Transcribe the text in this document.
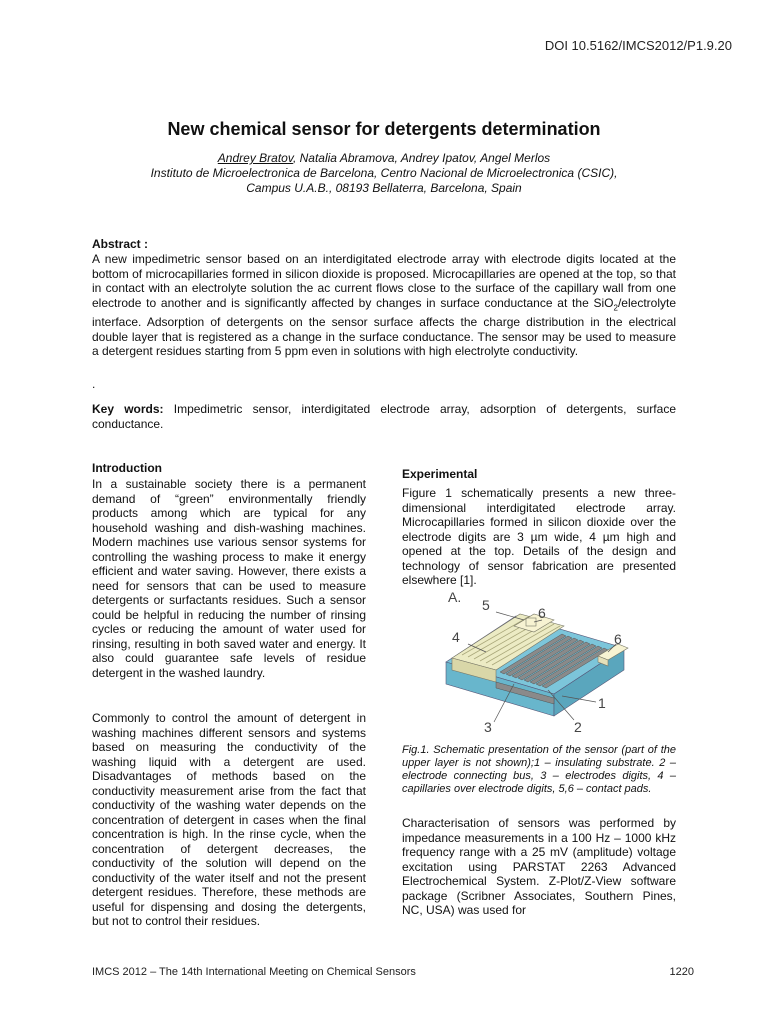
DOI 10.5162/IMCS2012/P1.9.20
New chemical sensor for detergents determination
Andrey Bratov, Natalia Abramova, Andrey Ipatov, Angel Merlos
Instituto de Microelectronica de Barcelona, Centro Nacional de Microelectronica (CSIC),
Campus U.A.B., 08193 Bellaterra, Barcelona, Spain
Abstract :
A new impedimetric sensor based on an interdigitated electrode array with electrode digits located at the bottom of microcapillaries formed in silicon dioxide is proposed. Microcapillaries are opened at the top, so that in contact with an electrolyte solution the ac current flows close to the surface of the capillary wall from one electrode to another and is significantly affected by changes in surface conductance at the SiO$_2$/electrolyte interface. Adsorption of detergents on the sensor surface affects the charge distribution in the electrical double layer that is registered as a change in the surface conductance. The sensor may be used to measure a detergent residues starting from 5 ppm even in solutions with high electrolyte conductivity.
.
Key words: Impedimetric sensor, interdigitated electrode array, adsorption of detergents, surface conductance.
Introduction
In a sustainable society there is a permanent demand of “green” environmentally friendly products among which are typical for any household washing and dish-washing machines. Modern machines use various sensor systems for controlling the washing process to make it energy efficient and water saving. However, there exists a need for sensors that can be used to measure detergents or surfactants residues. Such a sensor could be helpful in reducing the number of rinsing cycles or reducing the amount of water used for rinsing, resulting in both saved water and energy. It also could guarantee safe levels of residue detergent in the washed laundry.
Commonly to control the amount of detergent in washing machines different sensors and systems based on measuring the conductivity of the washing liquid with a detergent are used. Disadvantages of methods based on the conductivity measurement arise from the fact that conductivity of the washing water depends on the concentration of detergent in cases when the final concentration is high. In the rinse cycle, when the concentration of detergent decreases, the conductivity of the solution will depend on the conductivity of the water itself and not the present detergent residues. Therefore, these methods are useful for dispensing and dosing the detergents, but not to control their residues.
Experimental
Figure 1 schematically presents a new three-dimensional interdigitated electrode array. Microcapillaries formed in silicon dioxide over the electrode digits are 3 µm wide, 4 µm high and opened at the top. Details of the design and technology of sensor fabrication are presented elsewhere [1].
A. 5	6
4	6
1
3	2
Fig.1. Schematic presentation of the sensor (part of the upper layer is not shown);1 – insulating substrate. 2 – electrode connecting bus, 3 – electrodes digits, 4 – capillaries over electrode digits, 5,6 – contact pads.
Characterisation of sensors was performed by impedance measurements in a 100 Hz – 1000 kHz frequency range with a 25 mV (amplitude) voltage excitation using PARSTAT 2263 Advanced Electrochemical System. Z-Plot/Z-View software package (Scribner Associates, Southern Pines, NC, USA) was used for
IMCS 2012 – The 14th International Meeting on Chemical Sensors	1220
